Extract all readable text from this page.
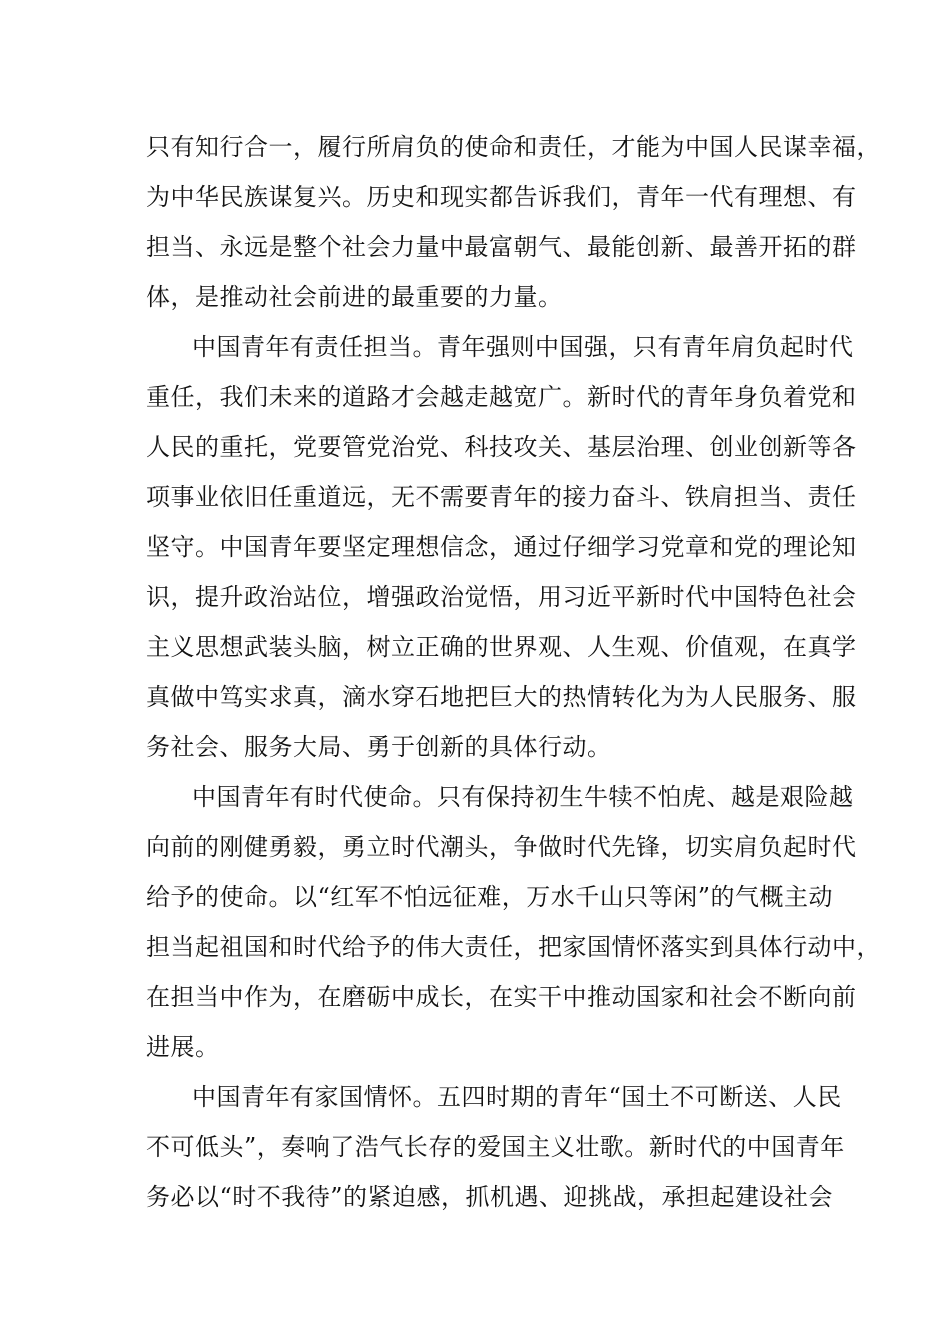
只有知行合一，履行所肩负的使命和责任，才能为中国人民谋幸福，
为中华民族谋复兴。历史和现实都告诉我们，青年一代有理想、有
担当、永远是整个社会力量中最富朝气、最能创新、最善开拓的群
体，是推动社会前进的最重要的力量。
中国青年有责任担当。青年强则中国强，只有青年肩负起时代
重任，我们未来的道路才会越走越宽广。新时代的青年身负着党和
人民的重托，党要管党治党、科技攻关、基层治理、创业创新等各
项事业依旧任重道远，无不需要青年的接力奋斗、铁肩担当、责任
坚守。中国青年要坚定理想信念，通过仔细学习党章和党的理论知
识，提升政治站位，增强政治觉悟，用习近平新时代中国特色社会
主义思想武装头脑，树立正确的世界观、人生观、价值观，在真学
真做中笃实求真，滴水穿石地把巨大的热情转化为为人民服务、服
务社会、服务大局、勇于创新的具体行动。
中国青年有时代使命。只有保持初生牛犊不怕虎、越是艰险越
向前的刚健勇毅，勇立时代潮头，争做时代先锋，切实肩负起时代
给予的使命。以“红军不怕远征难，万水千山只等闲”的气概主动
担当起祖国和时代给予的伟大责任，把家国情怀落实到具体行动中，
在担当中作为，在磨砺中成长，在实干中推动国家和社会不断向前
进展。
中国青年有家国情怀。五四时期的青年“国土不可断送、人民
不可低头”，奏响了浩气长存的爱国主义壮歌。新时代的中国青年
务必以“时不我待”的紧迫感，抓机遇、迎挑战，承担起建设社会
